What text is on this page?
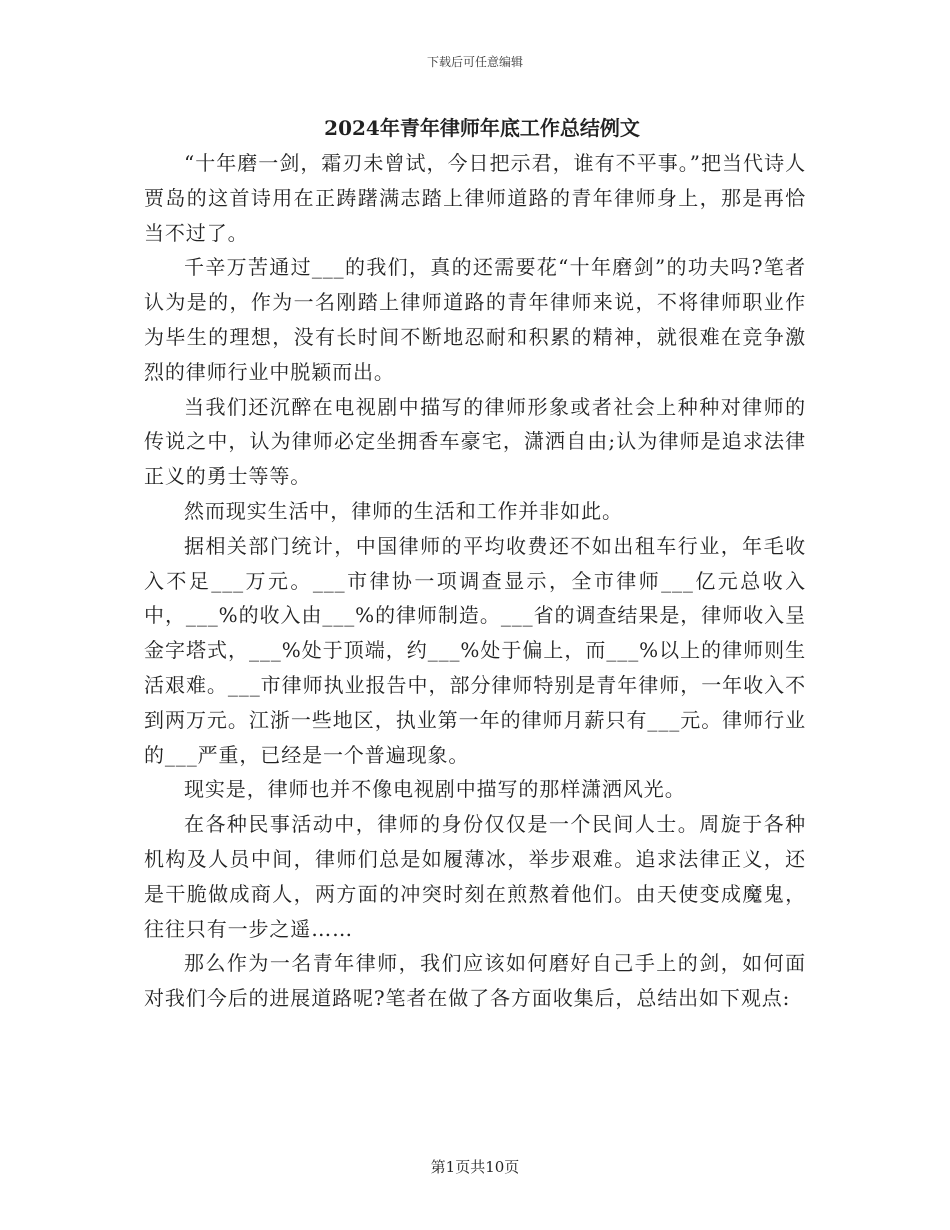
下载后可任意编辑
2024年青年律师年底工作总结例文

“十年磨一剑，霜刃未曾试，今日把示君，谁有不平事。”把当代诗人贾岛的这首诗用在正踌躇满志踏上律师道路的青年律师身上，那是再恰当不过了。

千辛万苦通过___的我们，真的还需要花“十年磨剑”的功夫吗?笔者认为是的，作为一名刚踏上律师道路的青年律师来说，不将律师职业作为毕生的理想，没有长时间不断地忍耐和积累的精神，就很难在竞争激烈的律师行业中脱颖而出。

当我们还沉醉在电视剧中描写的律师形象或者社会上种种对律师的传说之中，认为律师必定坐拥香车豪宅，潇洒自由;认为律师是追求法律正义的勇士等等。

然而现实生活中，律师的生活和工作并非如此。

据相关部门统计，中国律师的平均收费还不如出租车行业，年毛收入不足___万元。___市律协一项调查显示，全市律师___亿元总收入中，___%的收入由___%的律师制造。___省的调查结果是，律师收入呈金字塔式，___%处于顶端，约___%处于偏上，而___%以上的律师则生活艰难。___市律师执业报告中，部分律师特别是青年律师，一年收入不到两万元。江浙一些地区，执业第一年的律师月薪只有___元。律师行业的___严重，已经是一个普遍现象。

现实是，律师也并不像电视剧中描写的那样潇洒风光。

在各种民事活动中，律师的身份仅仅是一个民间人士。周旋于各种机构及人员中间，律师们总是如履薄冰，举步艰难。追求法律正义，还是干脆做成商人，两方面的冲突时刻在煎熬着他们。由天使变成魔鬼，往往只有一步之遥……

那么作为一名青年律师，我们应该如何磨好自己手上的剑，如何面对我们今后的进展道路呢?笔者在做了各方面收集后，总结出如下观点:

第1页共10页
